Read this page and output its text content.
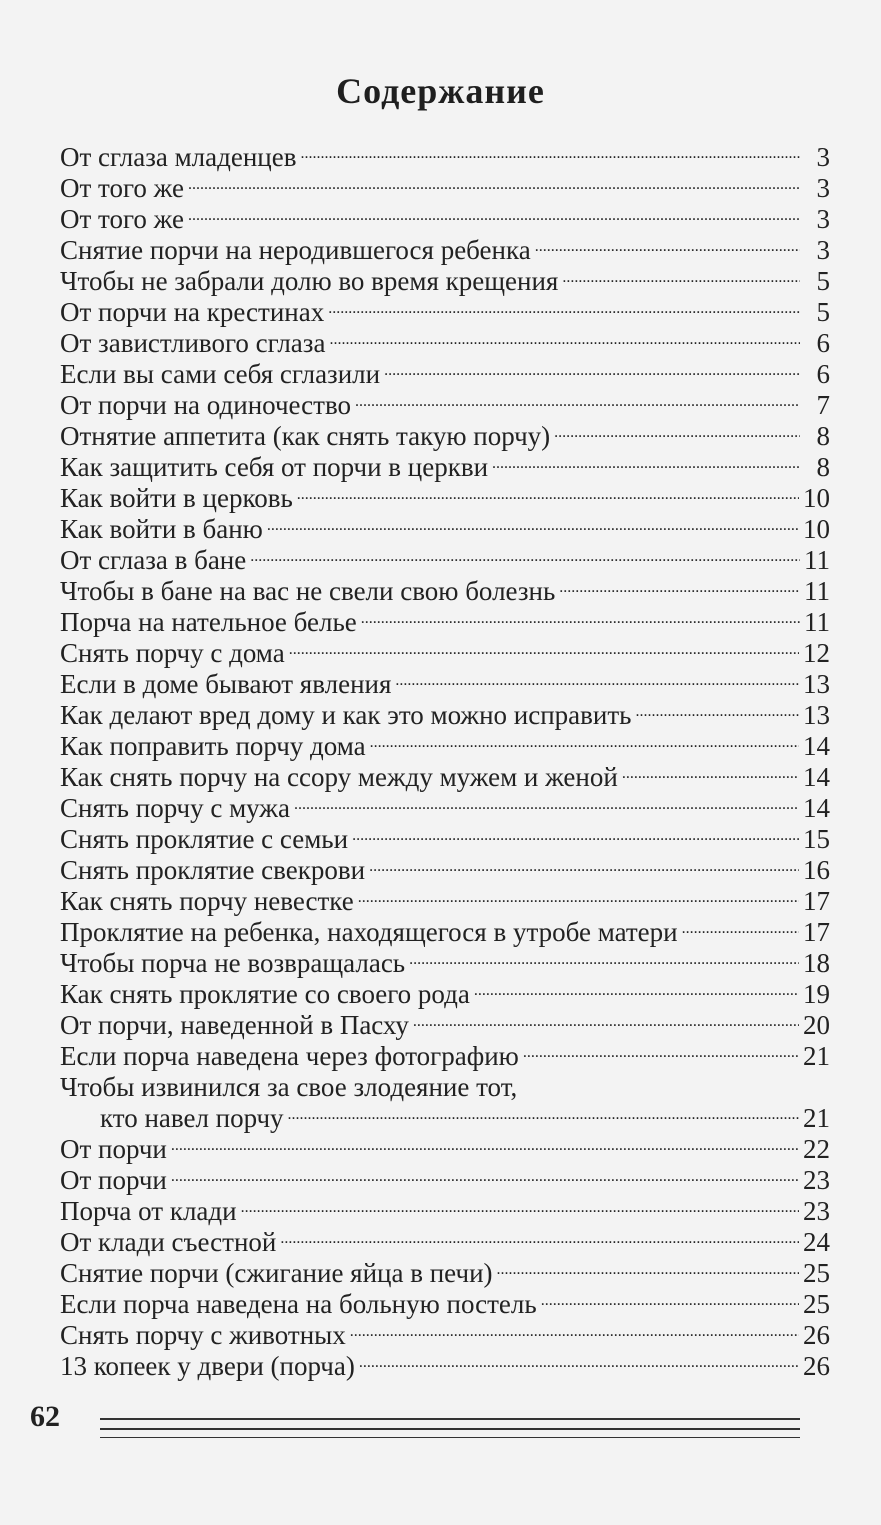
Содержание
От сглаза младенцев . . .	3
От того же . . .	3
От того же . . .	3
Снятие порчи на неродившегося ребенка . . .	3
Чтобы не забрали долю во время крещения . . .	5
От порчи на крестинах . . .	5
От завистливого сглаза . . .	6
Если вы сами себя сглазили . . .	6
От порчи на одиночество . . .	7
Отнятие аппетита (как снять такую порчу) . . .	8
Как защитить себя от порчи в церкви . . .	8
Как войти в церковь . . .	10
Как войти в баню . . .	10
От сглаза в бане . . .	11
Чтобы в бане на вас не свели свою болезнь . . .	11
Порча на нательное белье . . .	11
Снять порчу с дома . . .	12
Если в доме бывают явления . . .	13
Как делают вред дому и как это можно исправить . . .	13
Как поправить порчу дома . . .	14
Как снять порчу на ссору между мужем и женой . . .	14
Снять порчу с мужа . . .	14
Снять проклятие с семьи . . .	15
Снять проклятие свекрови . . .	16
Как снять порчу невестке . . .	17
Проклятие на ребенка, находящегося в утробе матери . . .	17
Чтобы порча не возвращалась . . .	18
Как снять проклятие со своего рода . . .	19
От порчи, наведенной в Пасху . . .	20
Если порча наведена через фотографию . . .	21
Чтобы извинился за свое злодеяние тот,
кто навел порчу . . .	21
От порчи . . .	22
От порчи . . .	23
Порча от клади . . .	23
От клади съестной . . .	24
Снятие порчи (сжигание яйца в печи) . . .	25
Если порча наведена на больную постель . . .	25
Снять порчу с животных . . .	26
13 копеек у двери (порча) . . .	26
62
